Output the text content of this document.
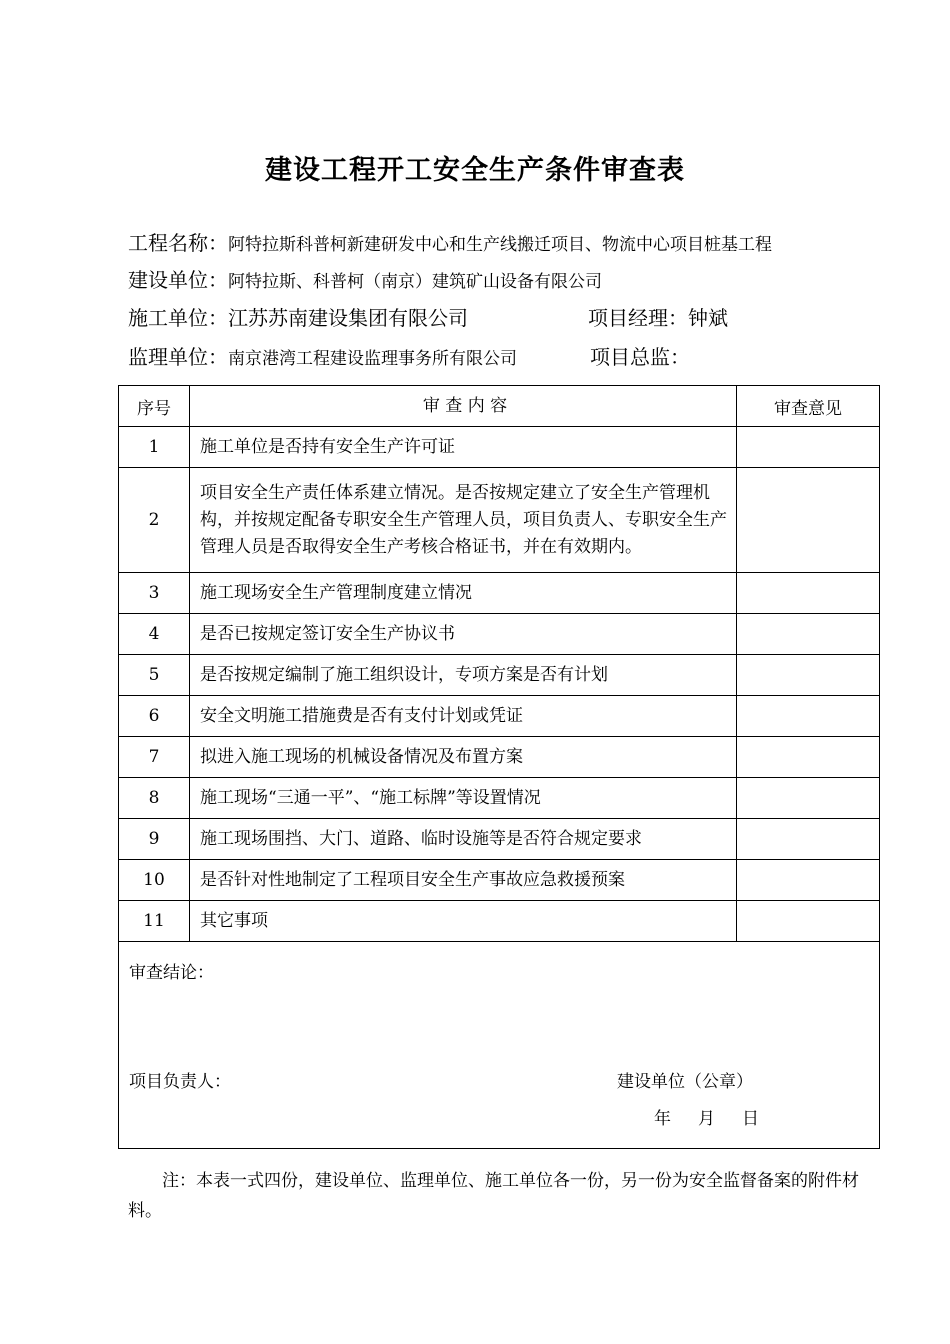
建设工程开工安全生产条件审查表
工程名称：阿特拉斯科普柯新建研发中心和生产线搬迁项目、物流中心项目桩基工程
建设单位：阿特拉斯、科普柯（南京）建筑矿山设备有限公司
施工单位：江苏苏南建设集团有限公司	项目经理：钟斌
监理单位：南京港湾工程建设监理事务所有限公司	项目总监：
序号	审 查 内 容	审查意见
1	施工单位是否持有安全生产许可证	
2	项目安全生产责任体系建立情况。是否按规定建立了安全生产管理机构，并按规定配备专职安全生产管理人员，项目负责人、专职安全生产管理人员是否取得安全生产考核合格证书，并在有效期内。	
3	施工现场安全生产管理制度建立情况	
4	是否已按规定签订安全生产协议书	
5	是否按规定编制了施工组织设计，专项方案是否有计划	
6	安全文明施工措施费是否有支付计划或凭证	
7	拟进入施工现场的机械设备情况及布置方案	
8	施工现场“三通一平”、“施工标牌”等设置情况	
9	施工现场围挡、大门、道路、临时设施等是否符合规定要求	
10	是否针对性地制定了工程项目安全生产事故应急救援预案	
11	其它事项	

审查结论：
项目负责人： 建设单位（公章）
年     月     日		
注：本表一式四份，建设单位、监理单位、施工单位各一份，另一份为安全监督备案的附件材料。
